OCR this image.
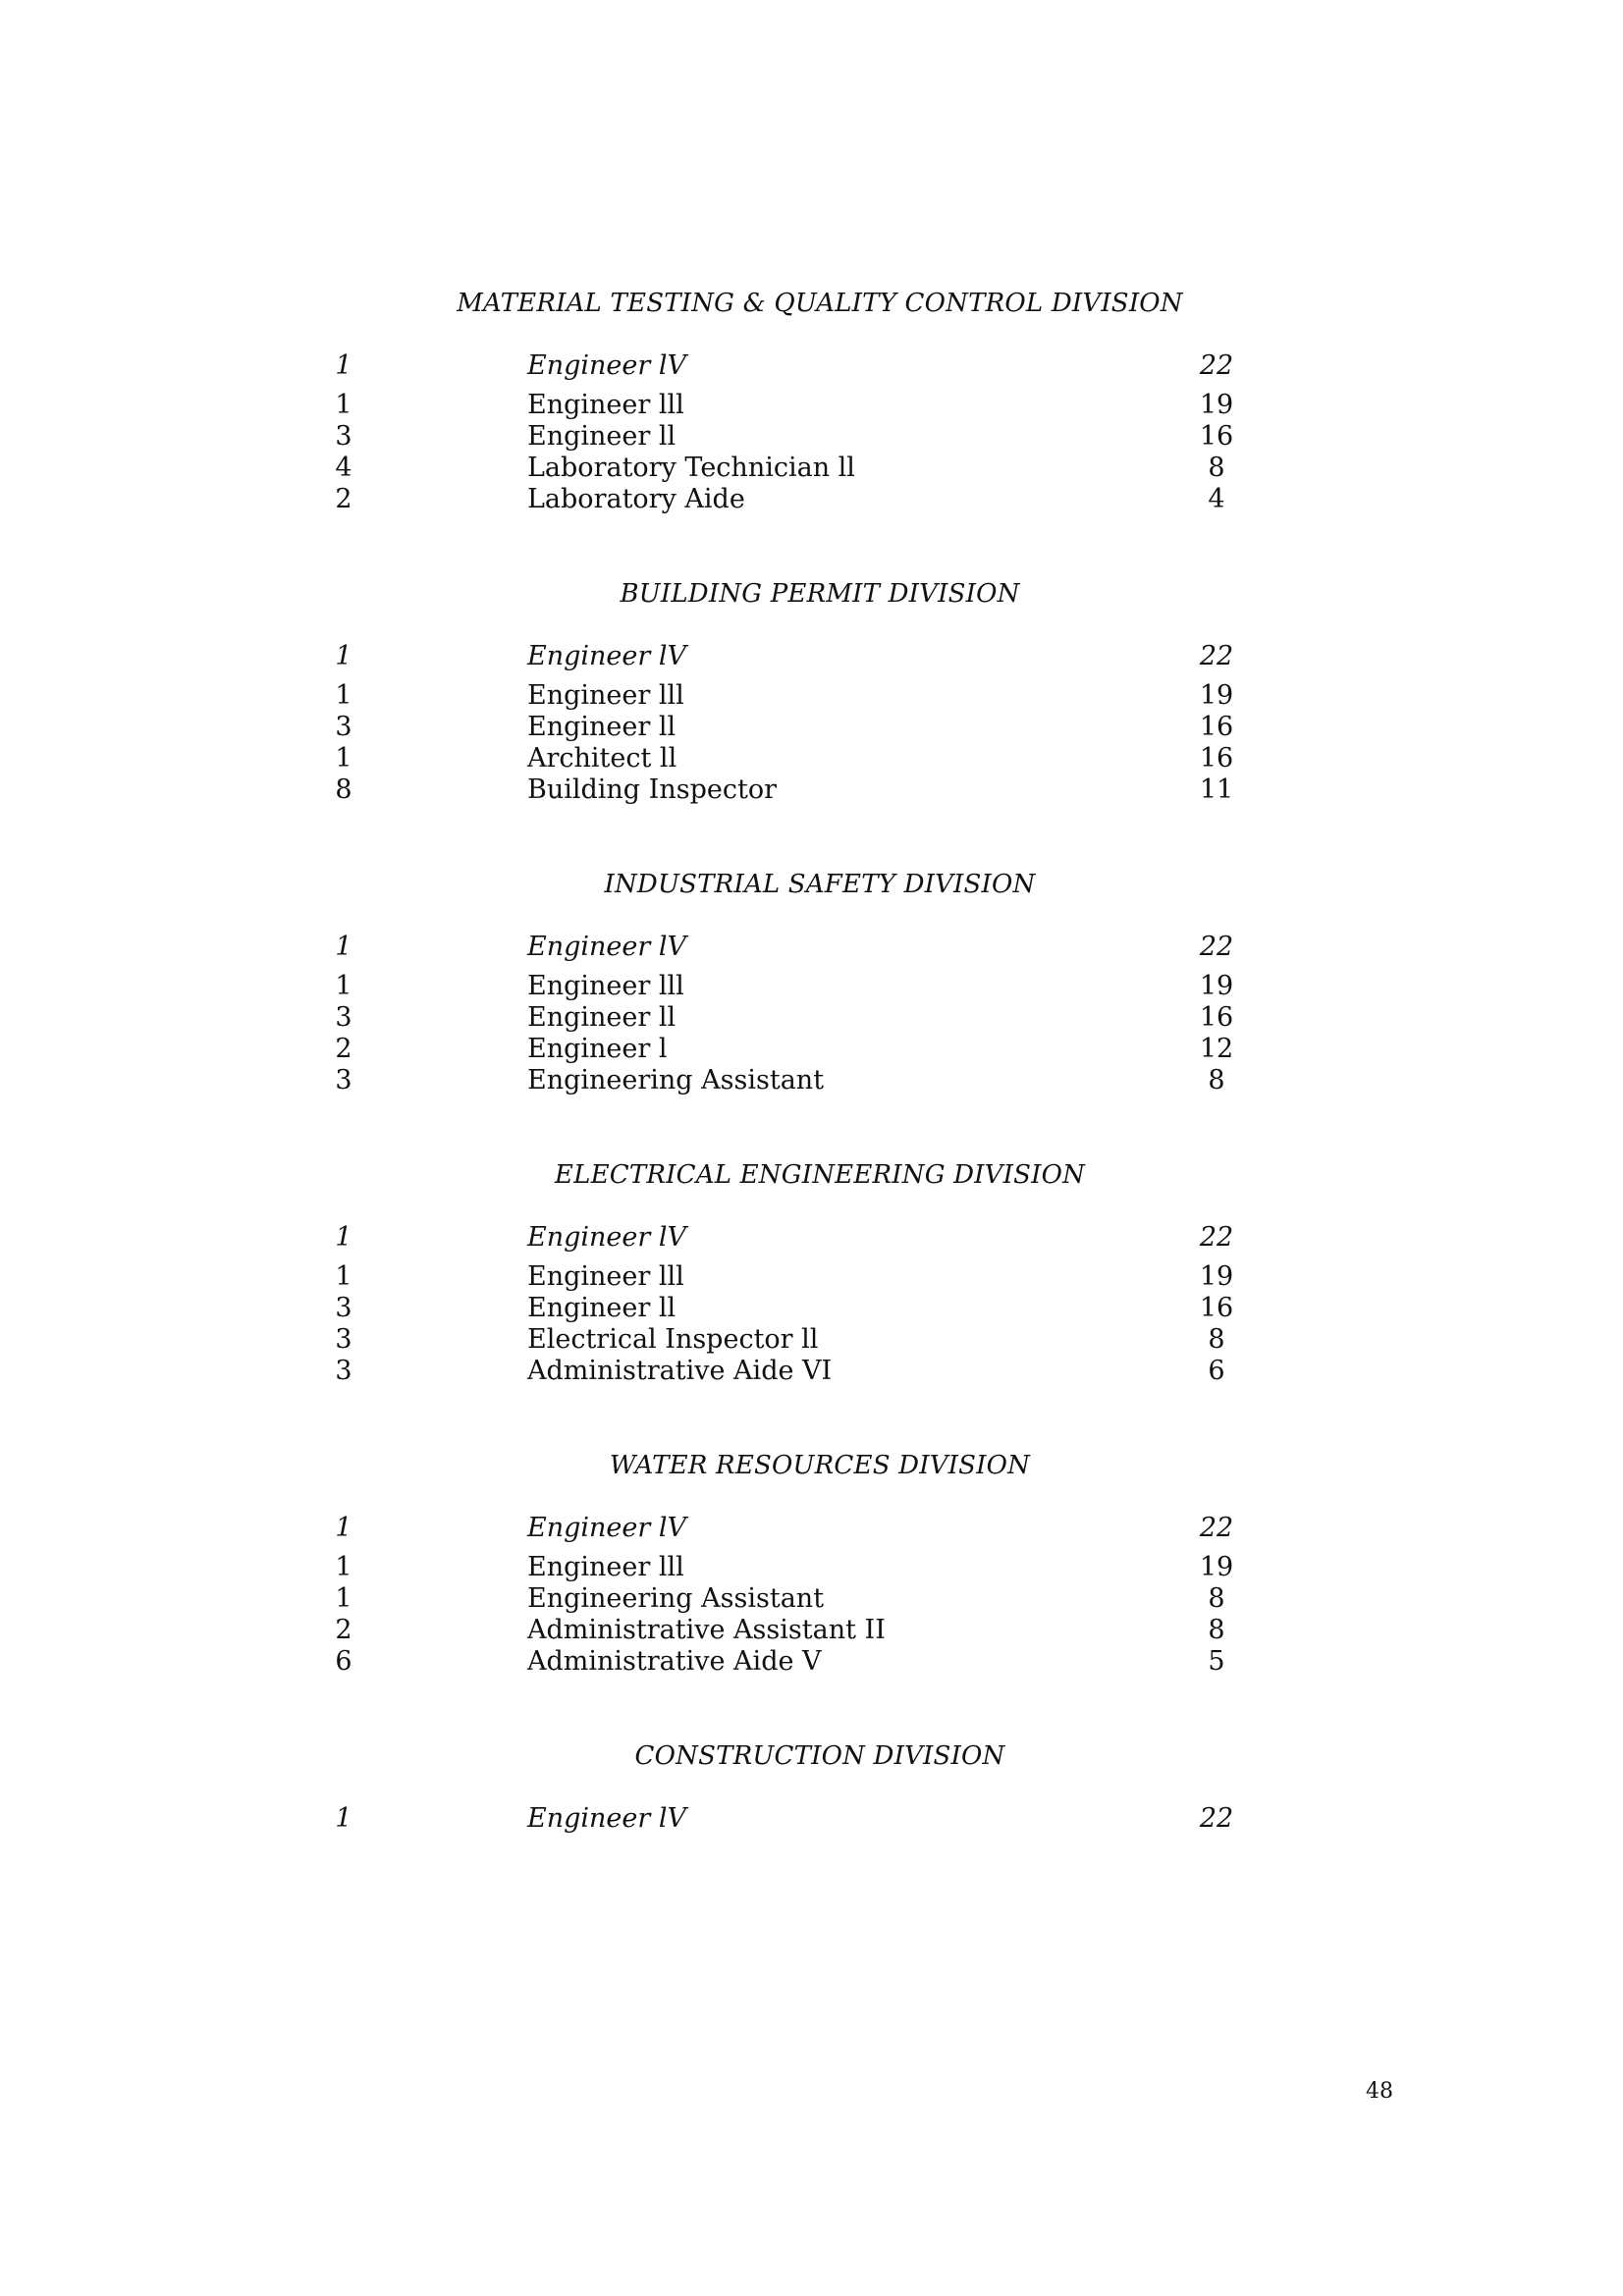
MATERIAL TESTING & QUALITY CONTROL DIVISION
1	Engineer lV	22
1	Engineer lll	19
3	Engineer ll	16
4	Laboratory Technician ll	8
2	Laboratory Aide	4
BUILDING PERMIT DIVISION
1	Engineer lV	22
1	Engineer lll	19
3	Engineer ll	16
1	Architect ll	16
8	Building Inspector	11
INDUSTRIAL SAFETY DIVISION
1	Engineer lV	22
1	Engineer lll	19
3	Engineer ll	16
2	Engineer l	12
3	Engineering Assistant	8
ELECTRICAL ENGINEERING DIVISION
1	Engineer lV	22
1	Engineer lll	19
3	Engineer ll	16
3	Electrical Inspector ll	8
3	Administrative Aide VI	6
WATER RESOURCES DIVISION
1	Engineer lV	22
1	Engineer lll	19
1	Engineering Assistant	8
2	Administrative Assistant II	8
6	Administrative Aide V	5
CONSTRUCTION DIVISION
1	Engineer lV	22
48
